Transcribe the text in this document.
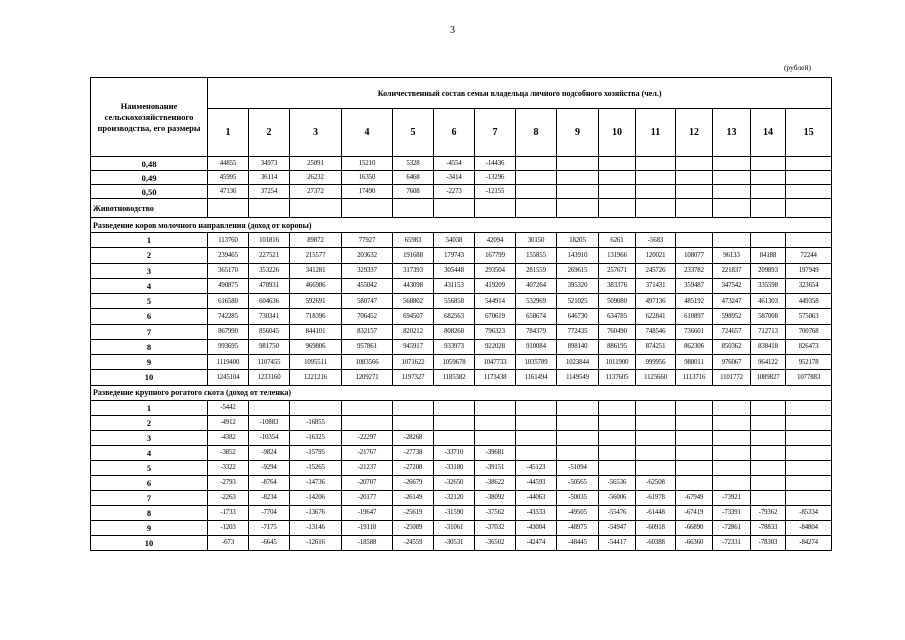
3
(рублей)
Наименование сельскохозяйственного производства, его размеры	Количественный состав семьи владельца личного подсобного хозяйства (чел.)														
	1	2	3	4	5	6	7	8	9	10	11	12	13	14	15
0,48	44855	34973	25091	15210	5328	-4554	-14436								
0,49	45995	36114	26232	16350	6468	-3414	-13296								
0,50	47136	37254	27372	17490	7608	-2273	-12155								
Животноводство															
Разведение коров молочного направления (доход от коровы)															
1	113760	101816	89872	77927	65983	54038	42094	30150	18205	6261	-5683				
2	239465	227521	215577	203632	191688	179743	167799	155855	143910	131966	120021	108077	96133	84188	72244
3	365170	353226	341281	329337	317393	305448	293504	281559	269615	257671	245726	233782	221837	209893	197949
4	490875	478931	466986	455042	443098	431153	419209	407264	395320	383376	371431	359487	347542	335598	323654
5	616580	604636	592691	580747	568802	556858	544914	532969	521025	509080	497136	485192	473247	461303	449358
6	742285	730341	718396	706452	694507	682563	670619	658674	646730	634785	622841	610897	598952	587008	575063
7	867990	856045	844101	832157	820212	808268	796323	784379	772435	760490	748546	736601	724657	712713	700768
8	993695	981750	969806	957861	945917	933973	922028	910084	898140	886195	874251	862306	850362	838418	826473
9	1119400	1107455	1095511	1083566	1071622	1059678	1047733	1035789	1023844	1011900	999956	988011	976067	964122	952178
10	1245104	1233160	1221216	1209271	1197327	1185382	1173438	1161494	1149549	1137605	1125660	1113716	1101772	1089827	1077883
Разведение крупного рогатого скота (доход от теленка)															
1	-5442														
2	-4912	-10883	-16855												
3	-4382	-10354	-16325	-22297	-28268										
4	-3852	-9824	-15795	-21767	-27738	-33710	-39681								
5	-3322	-9294	-15265	-21237	-27208	-33180	-39151	-45123	-51094						
6	-2793	-8764	-14736	-20707	-26679	-32650	-38622	-44593	-50565	-56536	-62508				
7	-2263	-8234	-14206	-20177	-26149	-32120	-38092	-44063	-50035	-56006	-61978	-67949	-73921		
8	-1733	-7704	-13676	-19647	-25619	-31590	-37562	-43533	-49505	-55476	-61448	-67419	-73391	-79362	-85334
9	-1203	-7175	-13146	-19118	-25089	-31061	-37032	-43004	-48975	-54947	-60918	-66890	-72861	-78833	-84804
10	-673	-6645	-12616	-18588	-24559	-30531	-36502	-42474	-48445	-54417	-60388	-66360	-72331	-78303	-84274
